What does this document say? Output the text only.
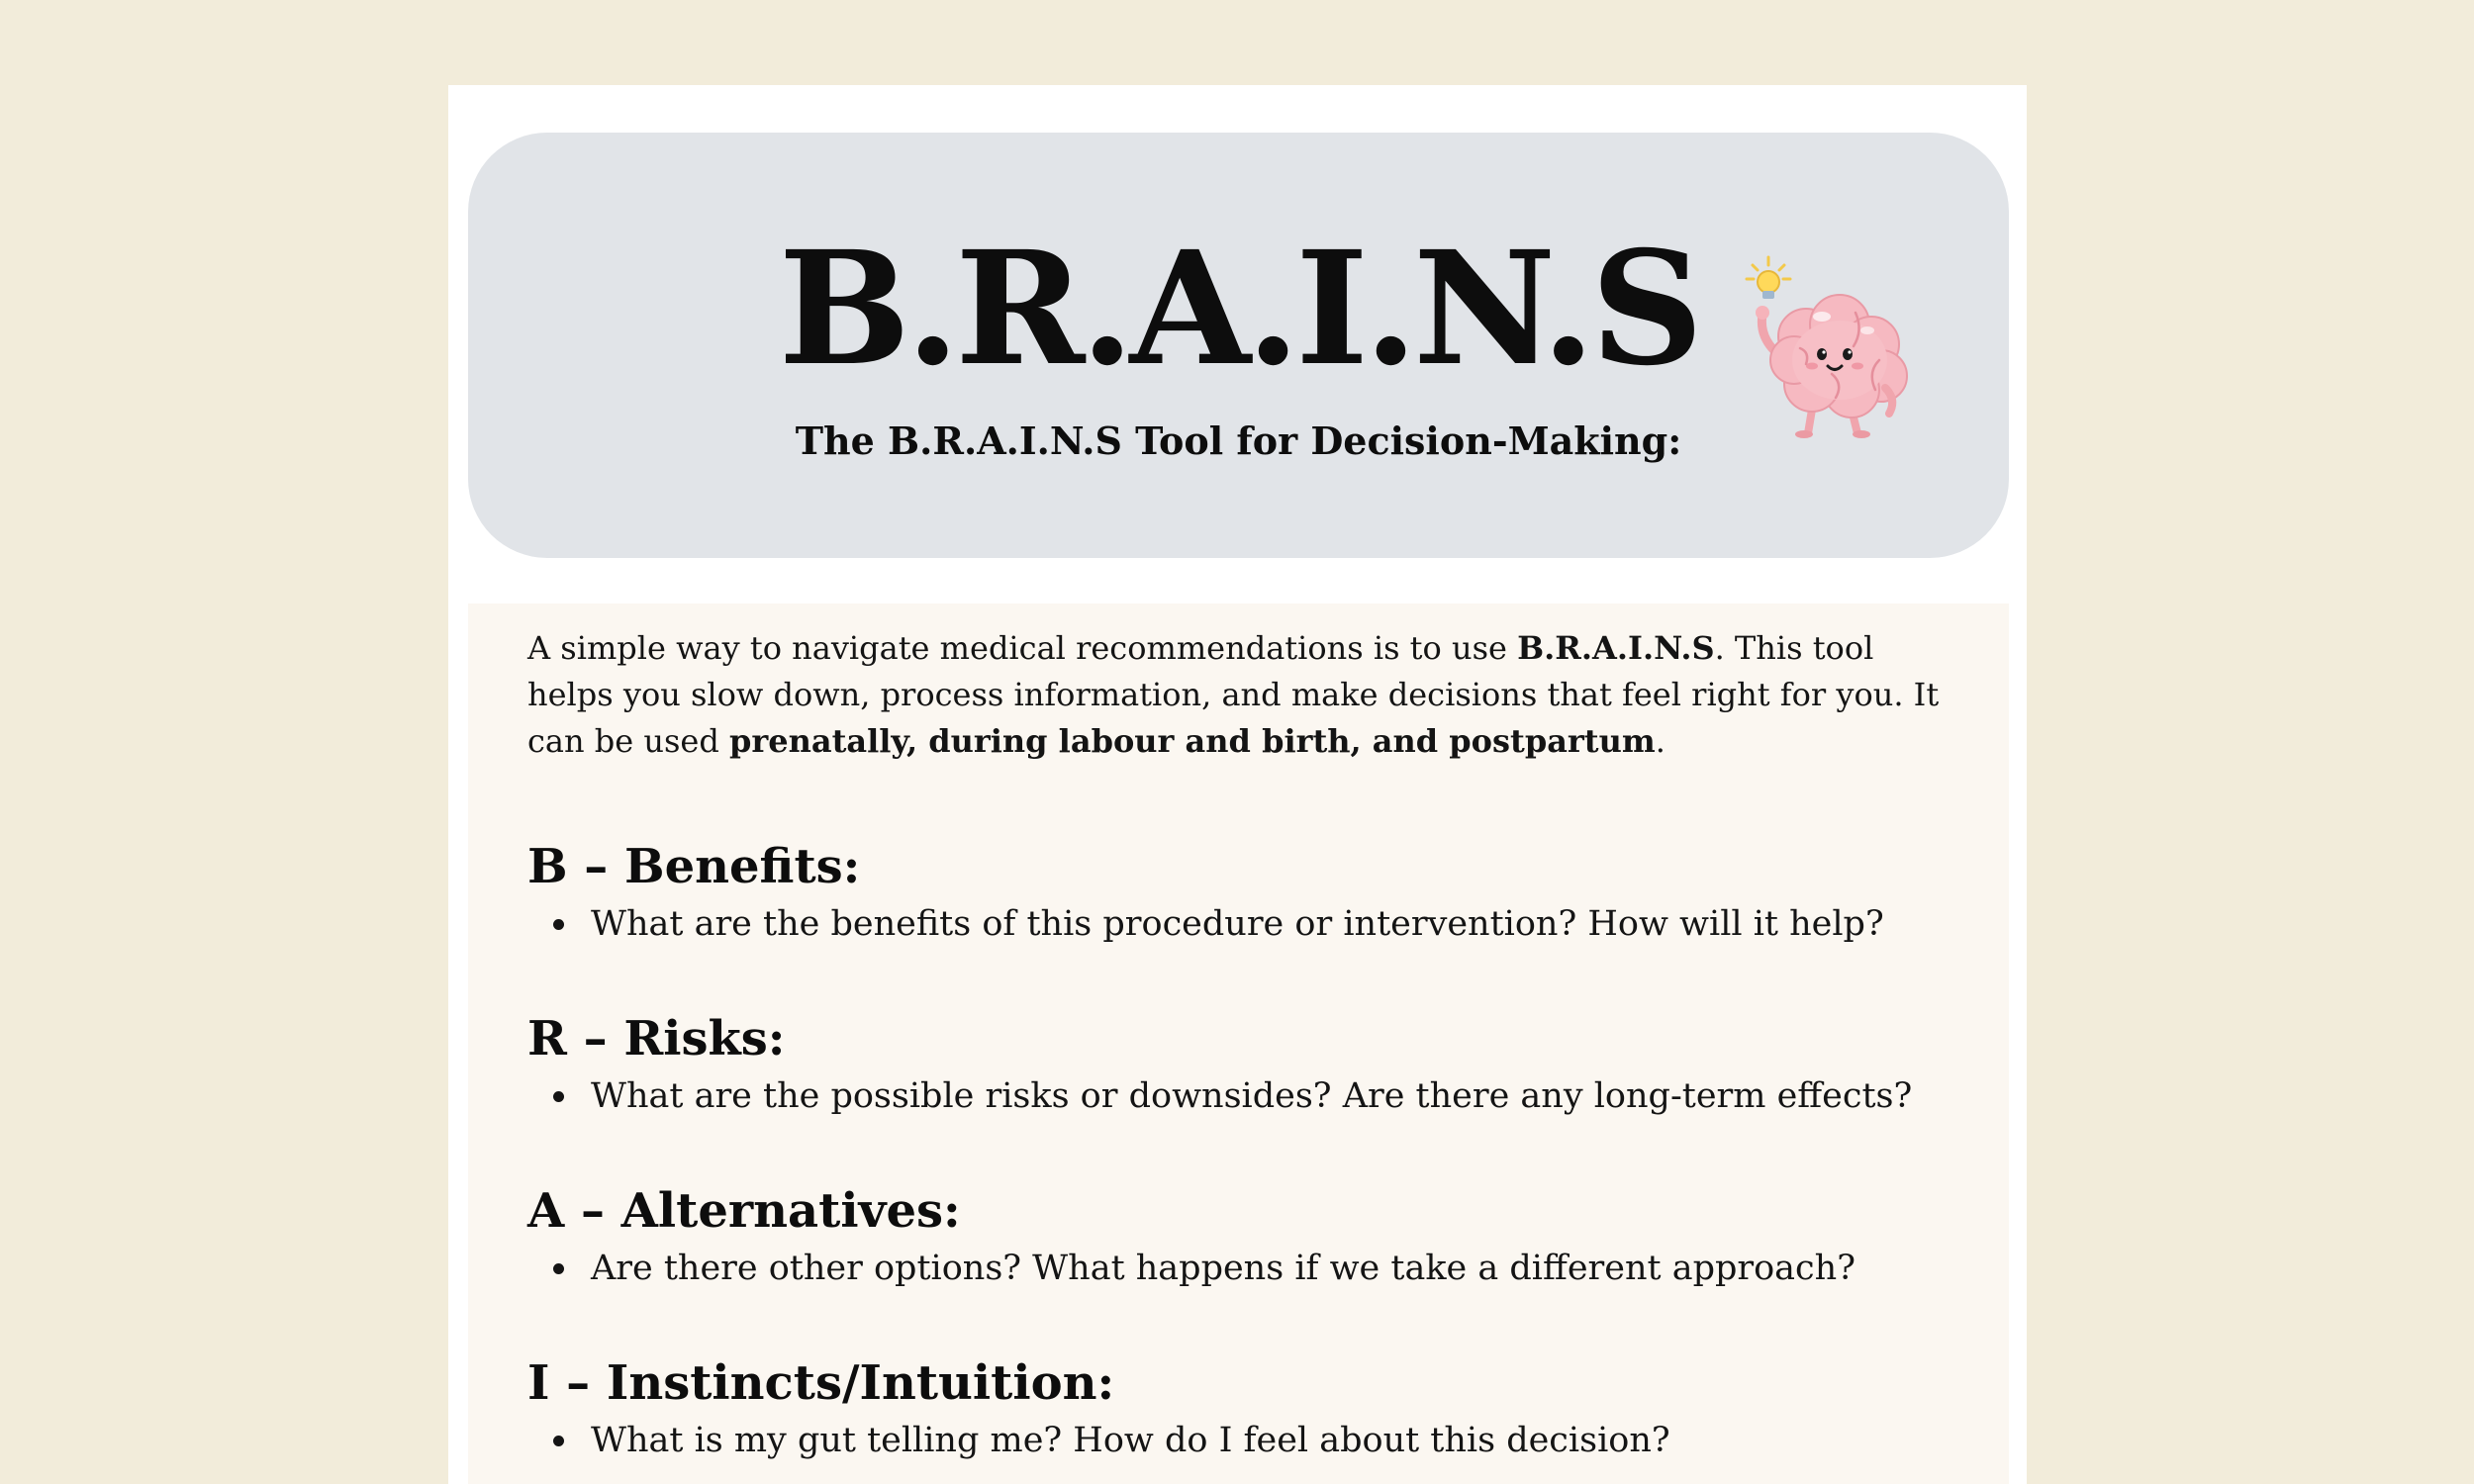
B.R.A.I.N.S

The B.R.A.I.N.S Tool for Decision-Making:

A simple way to navigate medical recommendations is to use B.R.A.I.N.S. This tool helps you slow down, process information, and make decisions that feel right for you. It can be used prenatally, during labour and birth, and postpartum.

B – Benefits:
What are the benefits of this procedure or intervention? How will it help?
R – Risks:
What are the possible risks or downsides? Are there any long-term effects?
A – Alternatives:
Are there other options? What happens if we take a different approach?
I – Instincts/Intuition:
What is my gut telling me? How do I feel about this decision?
